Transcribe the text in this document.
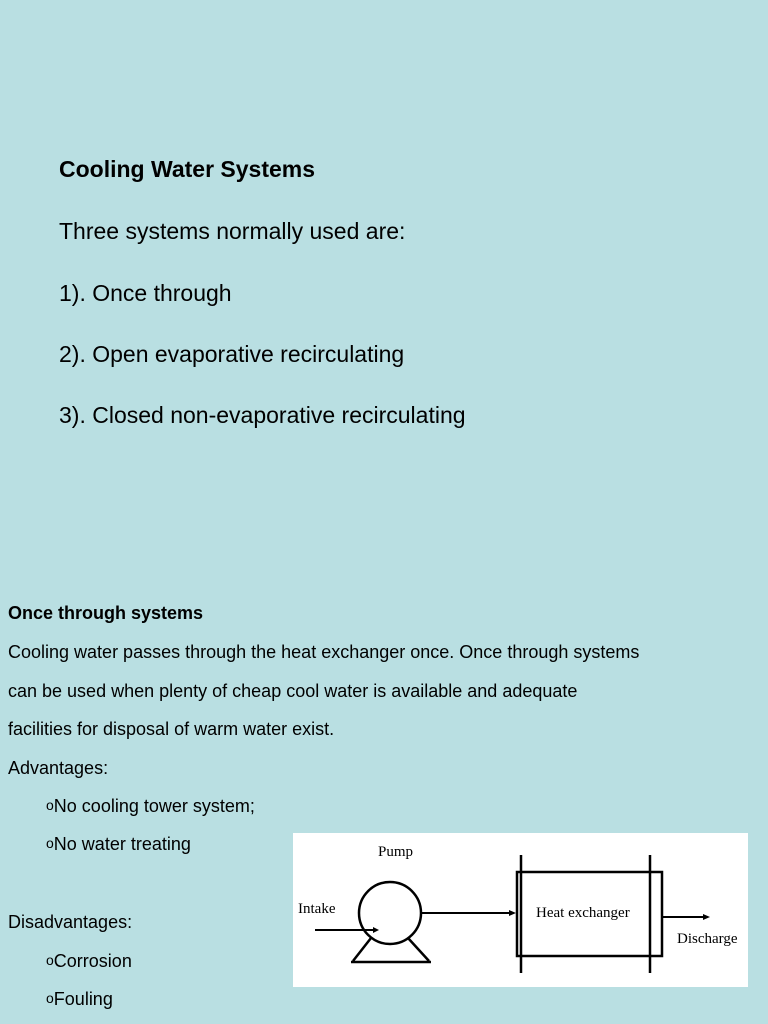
Cooling Water Systems
Three systems normally used are:
1). Once through
2). Open evaporative recirculating
3). Closed non-evaporative recirculating
Once through systems
Cooling water passes through the heat exchanger once. Once through systems
can be used when plenty of cheap cool water is available and adequate
facilities for disposal of warm water exist.
Advantages:
oNo cooling tower system;
oNo water treating
Disadvantages:
oCorrosion
oFouling
Pump
Intake	Heat exchanger
Discharge
